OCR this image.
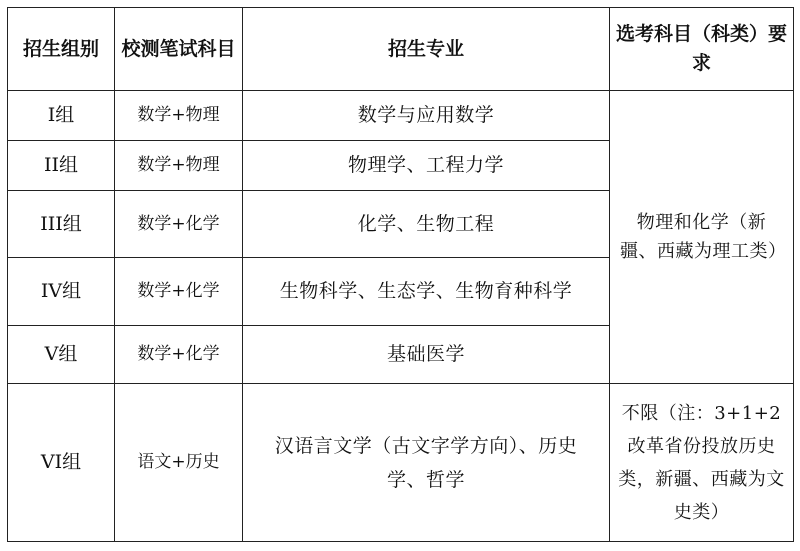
招生组别	校测笔试科目	招生专业	选考科目（科类）要求

I组	数学+物理	数学与应用数学	物理和化学（新疆、西藏为理工类）

II组	数学+物理	物理学、工程力学	
III组	数学+化学	化学、生物工程	
IV组	数学+化学	生物科学、生态学、生物育种科学	
V组	数学+化学	基础医学	
VI组	语文+历史	汉语言文学（古文字学方向）、历史学、哲学	不限（注：3+1+2改革省份投放历史类，新疆、西藏为文史类）
